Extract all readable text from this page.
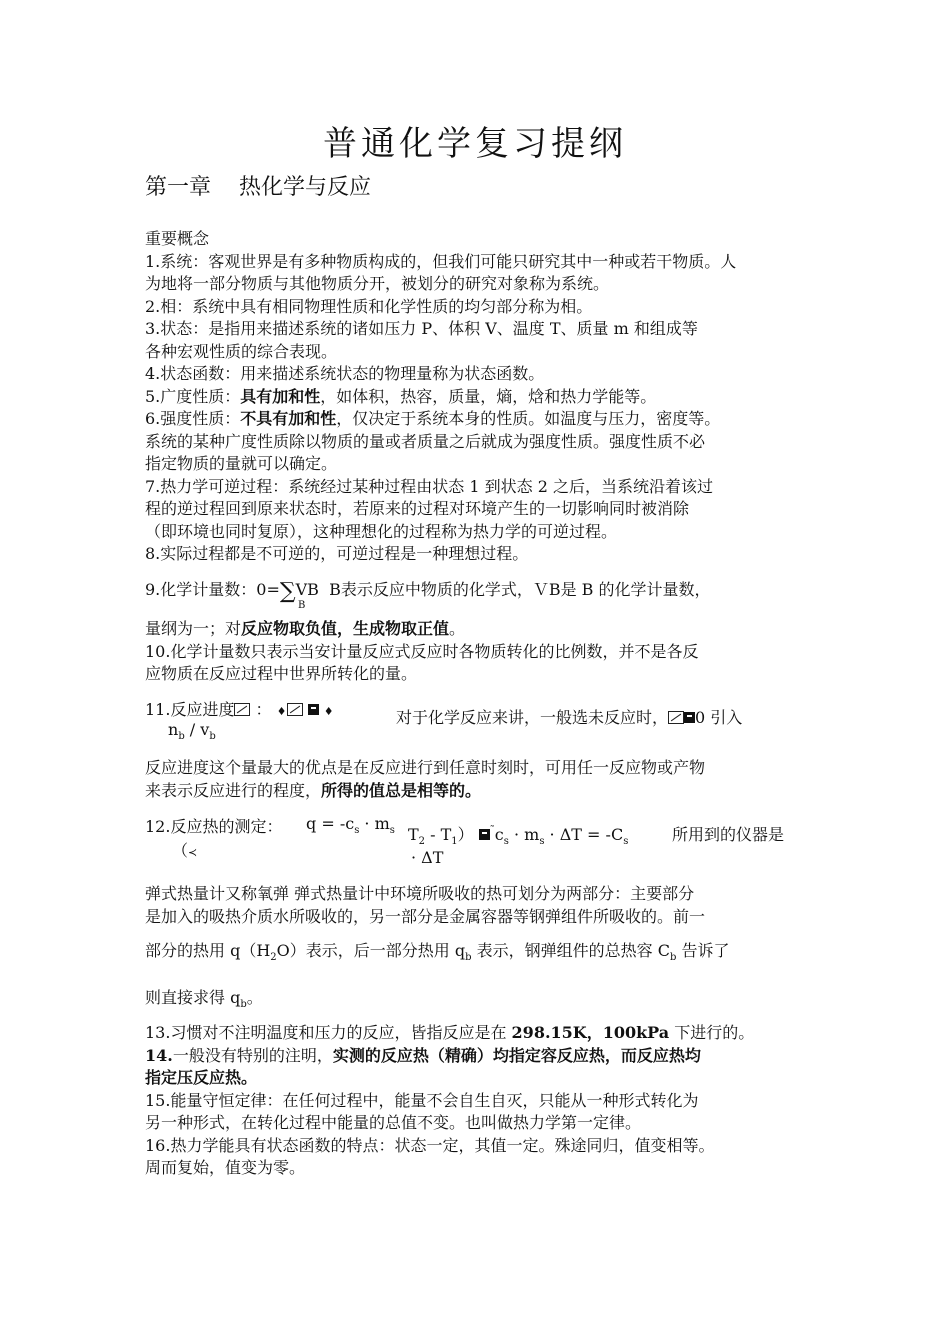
普通化学复习提纲
第一章 热化学与反应
重要概念
1.系统：客观世界是有多种物质构成的，但我们可能只研究其中一种或若干物质。人
为地将一部分物质与其他物质分开，被划分的研究对象称为系统。
2.相：系统中具有相同物理性质和化学性质的均匀部分称为相。
3.状态：是指用来描述系统的诸如压力 P、体积 V、温度 T、质量 m 和组成等
各种宏观性质的综合表现。
4.状态函数：用来描述系统状态的物理量称为状态函数。
5.广度性质：具有加和性，如体积，热容，质量，熵，焓和热力学能等。
6.强度性质：不具有加和性，仅决定于系统本身的性质。如温度与压力，密度等。
系统的某种广度性质除以物质的量或者质量之后就成为强度性质。强度性质不必
指定物质的量就可以确定。
7.热力学可逆过程：系统经过某种过程由状态 1 到状态 2 之后，当系统沿着该过
程的逆过程回到原来状态时，若原来的过程对环境产生的一切影响同时被消除
（即环境也同时复原），这种理想化的过程称为热力学的可逆过程。
8.实际过程都是不可逆的，可逆过程是一种理想过程。
9.化学计量数：0=∑VB B表示反应中物质的化学式，ＶB是 B 的化学计量数，
B
量纲为一；对反应物取负值，生成物取正值。
10.化学计量数只表示当安计量反应式反应时各物质转化的比例数，并不是各反
应物质在反应过程中世界所转化的量。
11.反应进度 ： ♦	♦	对于化学反应来讲，一般选未反应时， 0 引入
$n_b / v_b$
反应进度这个量最大的优点是在反应进行到任意时刻时，可用任一反应物或产物
来表示反应进行的程度，所得的值总是相等的。
12.反应热的测定： $q = -c_s \cdot m_s$
（≺
$T_2 - T_1$） $^˜c_s \cdot m_s \cdot \Delta T = -C_s$	所用到的仪器是
· ΔT
弹式热量计又称氧弹 弹式热量计中环境所吸收的热可划分为两部分：主要部分
是加入的吸热介质水所吸收的，另一部分是金属容器等钢弹组件所吸收的。前一
部分的热用 $q(H_2O)$表示，后一部分热用 $q_b$ 表示，钢弹组件的总热容 $C_b$ 告诉了
则直接求得 $q_b$。
13.习惯对不注明温度和压力的反应，皆指反应是在 298.15K，100kPa 下进行的。
14.一般没有特别的注明，实测的反应热（精确）均指定容反应热，而反应热均
指定压反应热。
15.能量守恒定律：在任何过程中，能量不会自生自灭，只能从一种形式转化为
另一种形式，在转化过程中能量的总值不变。也叫做热力学第一定律。
16.热力学能具有状态函数的特点：状态一定，其值一定。殊途同归，值变相等。
周而复始，值变为零。
